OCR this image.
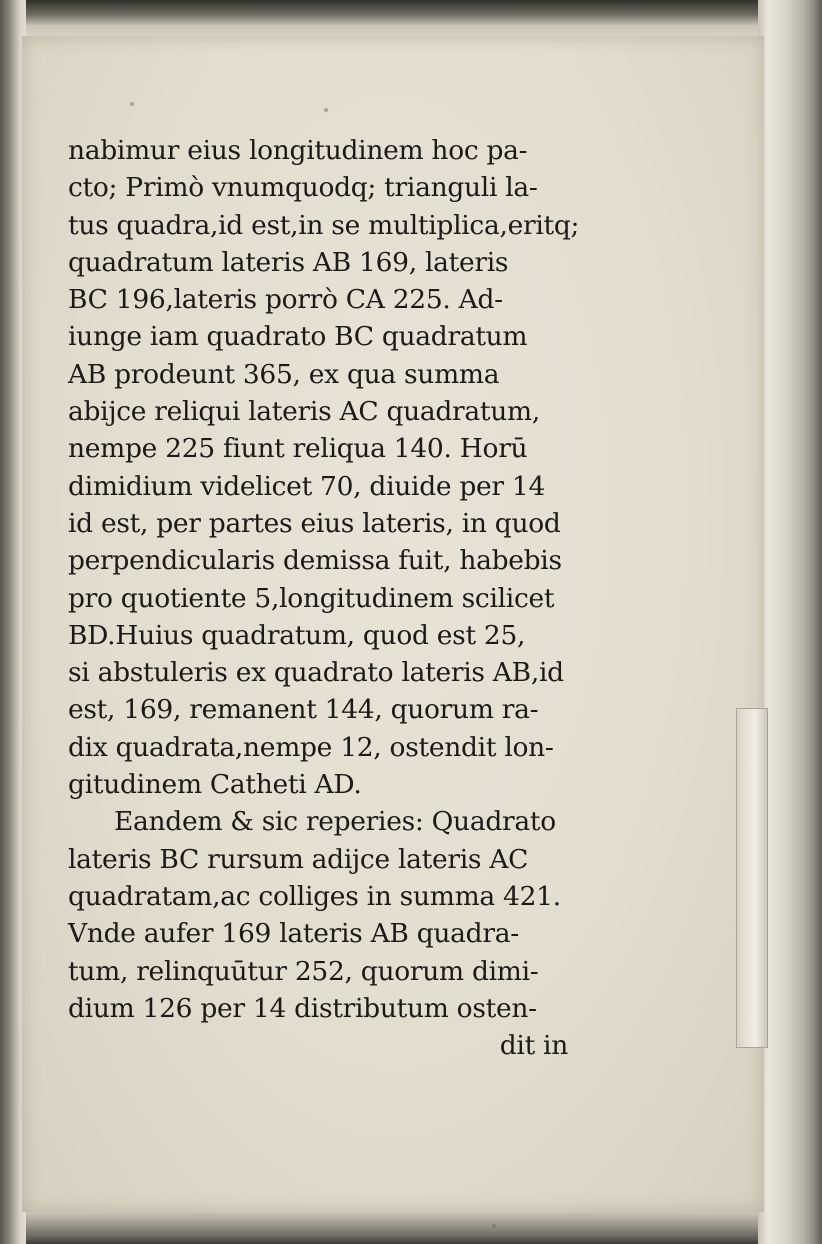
nabimur eius longitudinem hoc pa-
cto; Primò vnumquodq; trianguli la-
tus quadra,id est,in se multiplica,eritq;
quadratum lateris AB 169, lateris
BC 196,lateris porrò CA 225. Ad-
iunge iam quadrato BC quadratum
AB prodeunt 365, ex qua summa
abijce reliqui lateris AC quadratum,
nempe 225 fiunt reliqua 140. Horū
dimidium videlicet 70, diuide per 14
id est, per partes eius lateris, in quod
perpendicularis demissa fuit, habebis
pro quotiente 5,longitudinem scilicet
BD.Huius quadratum, quod est 25,
si abstuleris ex quadrato lateris AB,id
est, 169, remanent 144, quorum ra-
dix quadrata,nempe 12, ostendit lon-
gitudinem Catheti AD.
Eandem & sic reperies: Quadrato
lateris BC rursum adijce lateris AC
quadratam,ac colliges in summa 421.
Vnde aufer 169 lateris AB quadra-
tum, relinquūtur 252, quorum dimi-
dium 126 per 14 distributum osten-
dit in
